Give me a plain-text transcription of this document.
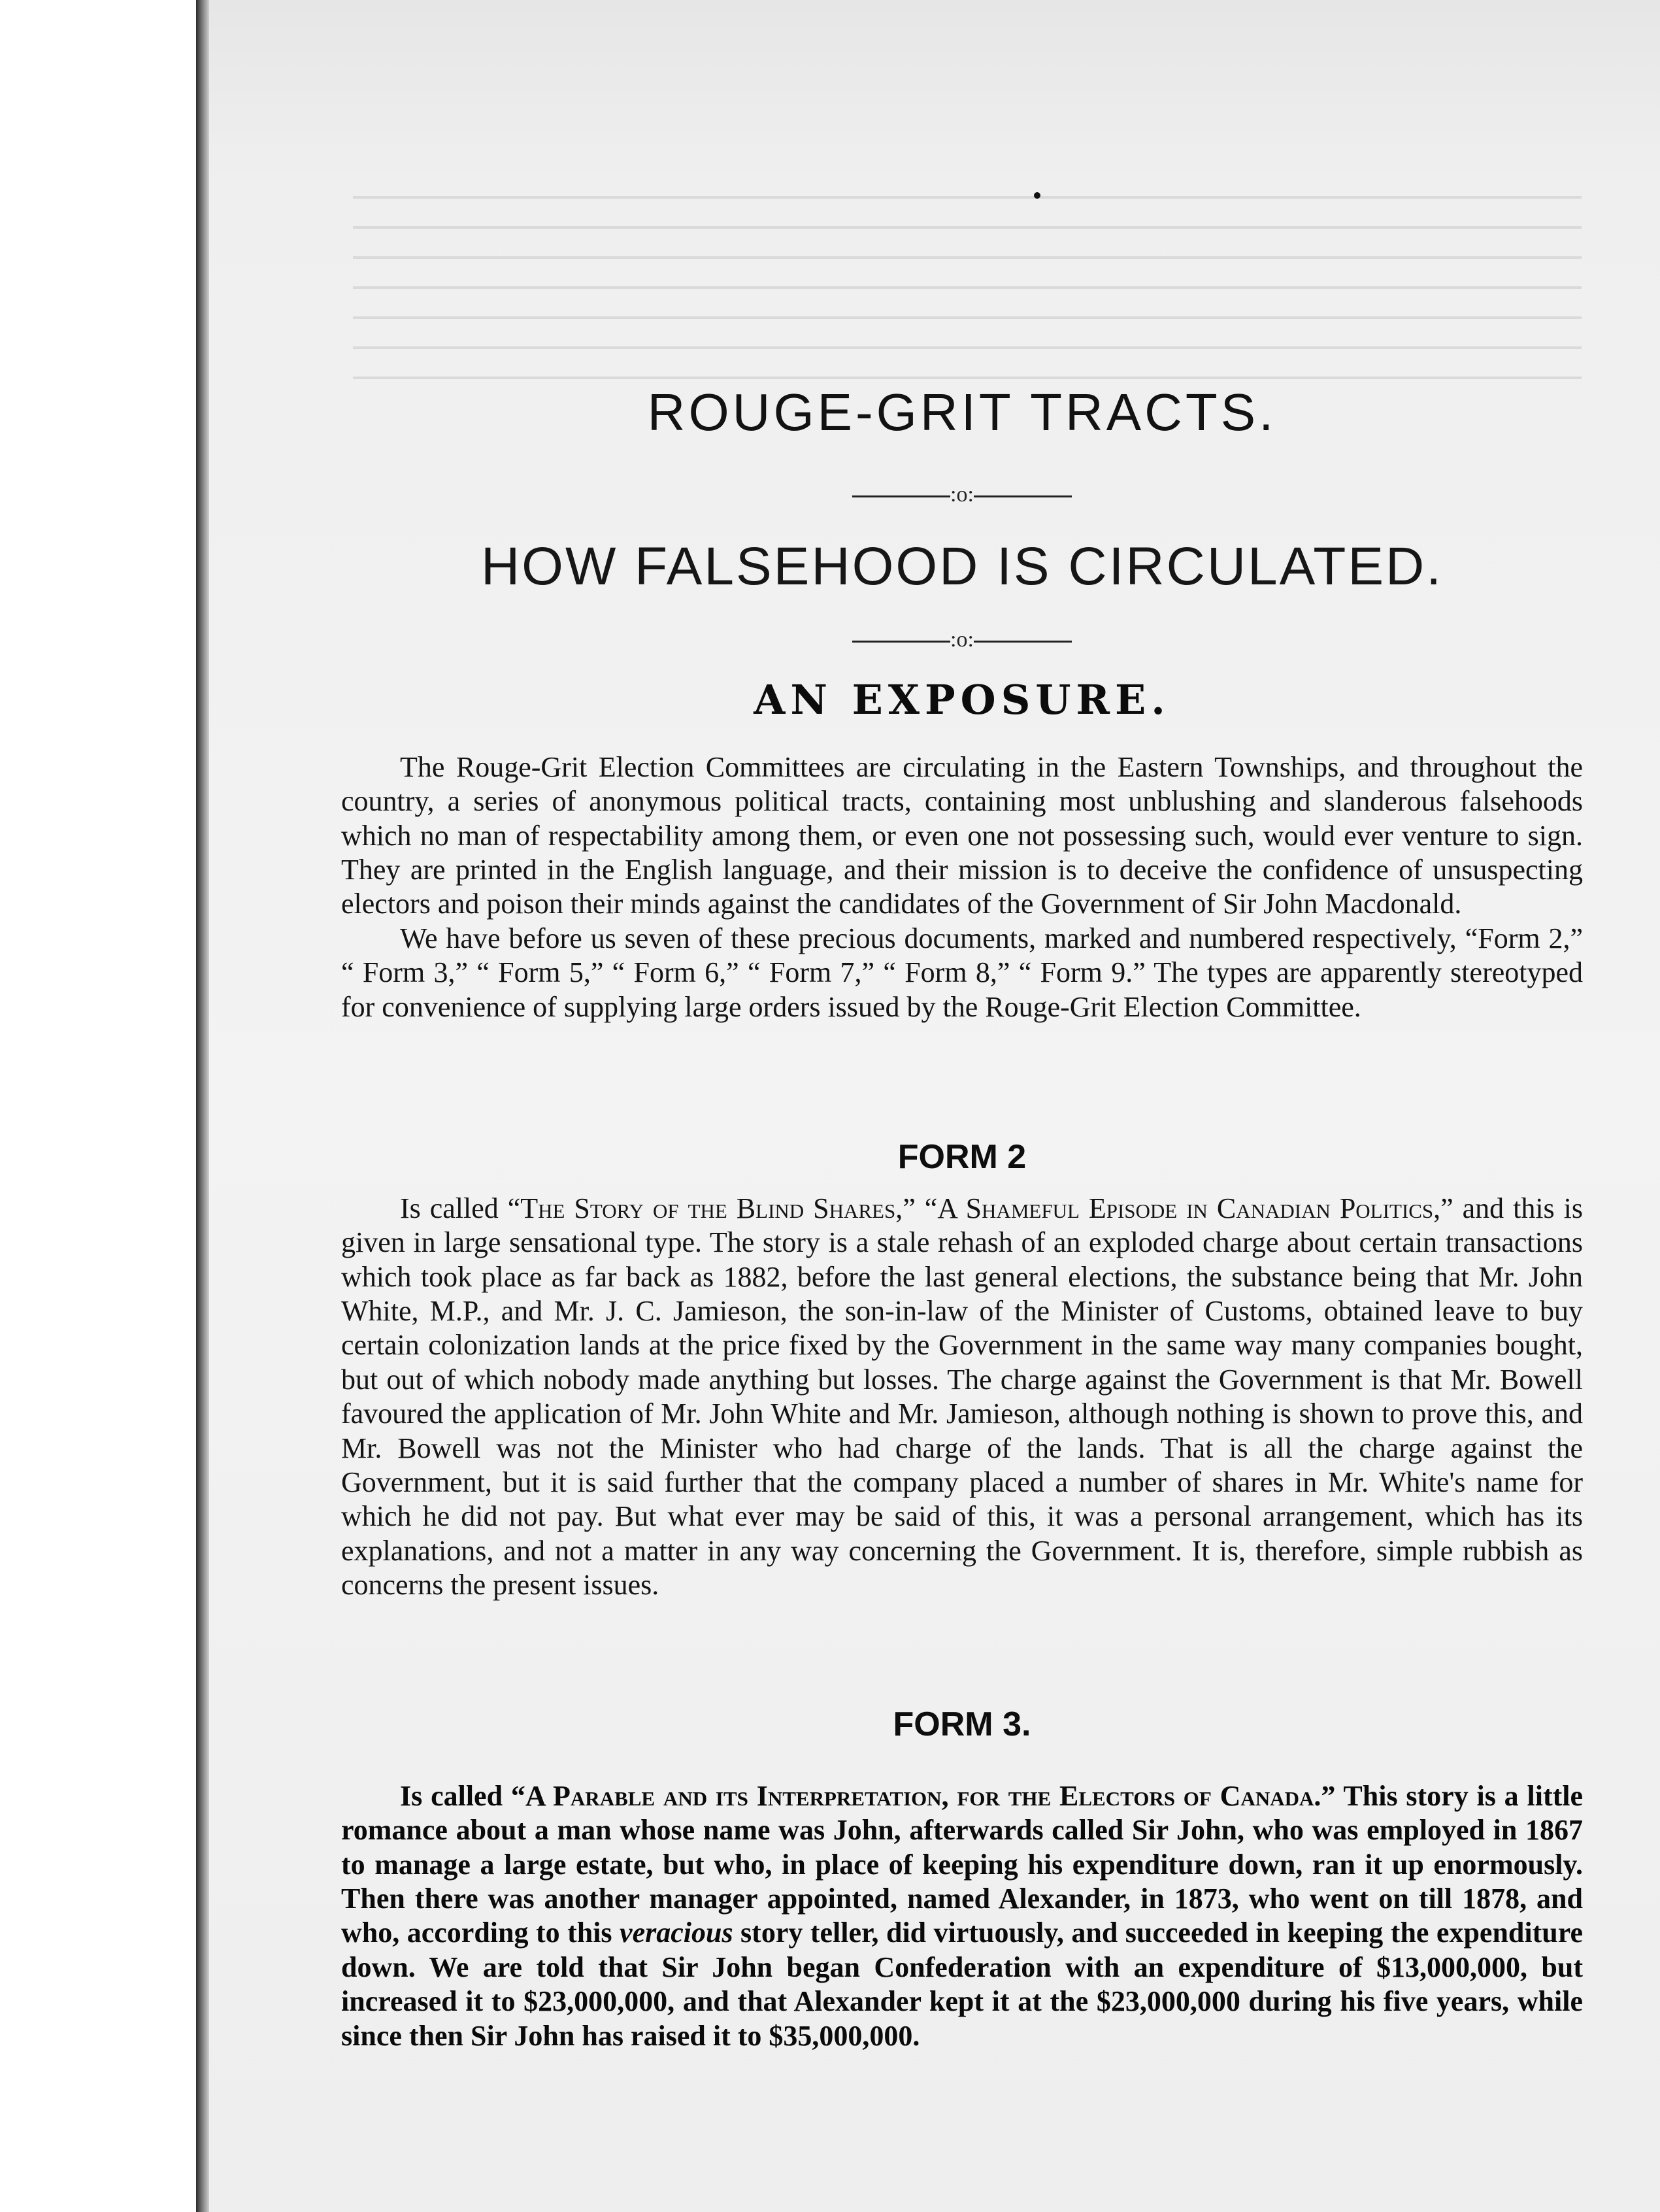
ROUGE-GRIT TRACTS.
:o:
HOW FALSEHOOD IS CIRCULATED.
:o:
AN EXPOSURE.

The Rouge-Grit Election Committees are circulating in the Eastern Townships, and throughout the country, a series of anonymous political tracts, containing most unblushing and slanderous falsehoods which no man of respectability among them, or even one not possessing such, would ever venture to sign. They are printed in the English language, and their mission is to deceive the confidence of unsuspecting electors and poison their minds against the candidates of the Government of Sir John Macdonald.

We have before us seven of these precious documents, marked and numbered respectively, “Form 2,” “ Form 3,” “ Form 5,” “ Form 6,” “ Form 7,” “ Form 8,” “ Form 9.” The types are apparently stereotyped for convenience of supplying large orders issued by the Rouge-Grit Election Committee.

FORM 2

Is called “The Story of the Blind Shares,” “A Shameful Episode in Canadian Politics,” and this is given in large sensational type. The story is a stale rehash of an exploded charge about certain transactions which took place as far back as 1882, before the last general elections, the substance being that Mr. John White, M.P., and Mr. J. C. Jamieson, the son-in-law of the Minister of Customs, obtained leave to buy certain colonization lands at the price fixed by the Government in the same way many companies bought, but out of which nobody made anything but losses. The charge against the Government is that Mr. Bowell favoured the application of Mr. John White and Mr. Jamieson, although nothing is shown to prove this, and Mr. Bowell was not the Minister who had charge of the lands. That is all the charge against the Government, but it is said further that the company placed a number of shares in Mr. White's name for which he did not pay. But what ever may be said of this, it was a personal arrangement, which has its explanations, and not a matter in any way concerning the Government. It is, therefore, simple rubbish as concerns the present issues.

FORM 3.

Is called “A Parable and its Interpretation, for the Electors of Canada.” This story is a little romance about a man whose name was John, afterwards called Sir John, who was employed in 1867 to manage a large estate, but who, in place of keeping his expenditure down, ran it up enormously. Then there was another manager appointed, named Alexander, in 1873, who went on till 1878, and who, according to this veracious story teller, did virtuously, and succeeded in keeping the expenditure down. We are told that Sir John began Confederation with an expenditure of $13,000,000, but increased it to $23,000,000, and that Alexander kept it at the $23,000,000 during his five years, while since then Sir John has raised it to $35,000,000.
